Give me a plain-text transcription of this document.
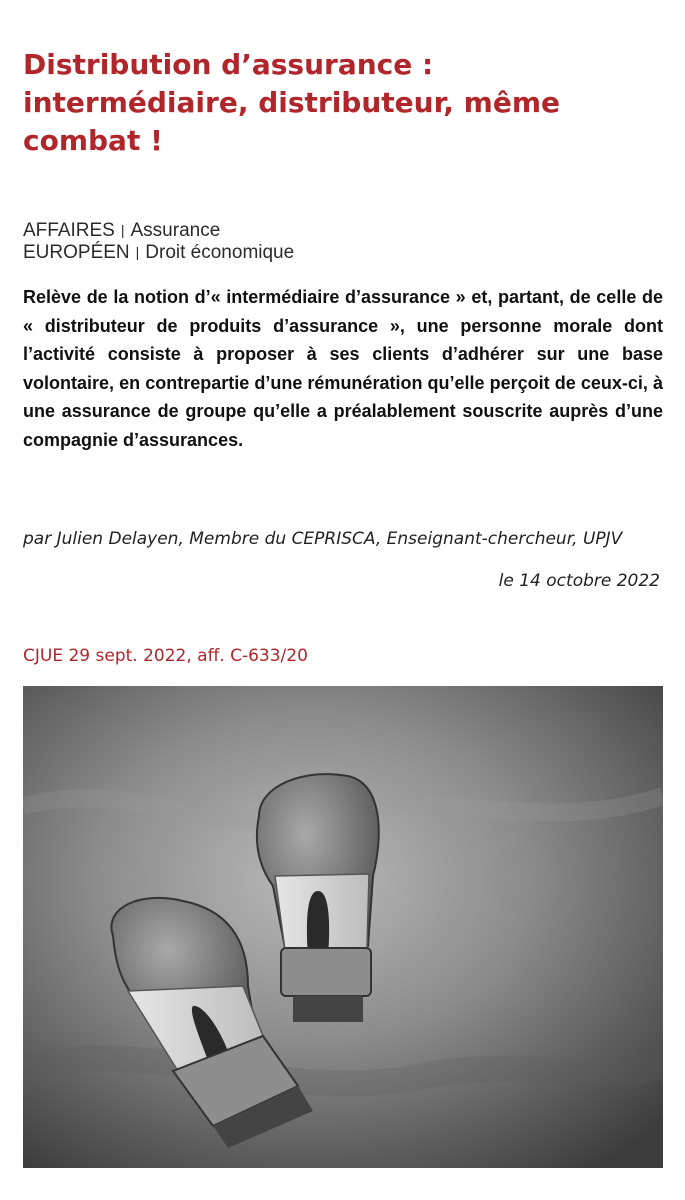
Distribution d’assurance : intermédiaire, distributeur, même combat !
AFFAIRES | Assurance
EUROPÉEN | Droit économique

Relève de la notion d’« intermédiaire d’assurance » et, partant, de celle de « distributeur de produits d’assurance », une personne morale dont l’activité consiste à proposer à ses clients d’adhérer sur une base volontaire, en contrepartie d’une rémunération qu’elle perçoit de ceux-ci, à une assurance de groupe qu’elle a préalablement souscrite auprès d’une compagnie d’assurances.

par Julien Delayen, Membre du CEPRISCA, Enseignant-chercheur, UPJV
le 14 octobre 2022
CJUE 29 sept. 2022, aff. C-633/20
